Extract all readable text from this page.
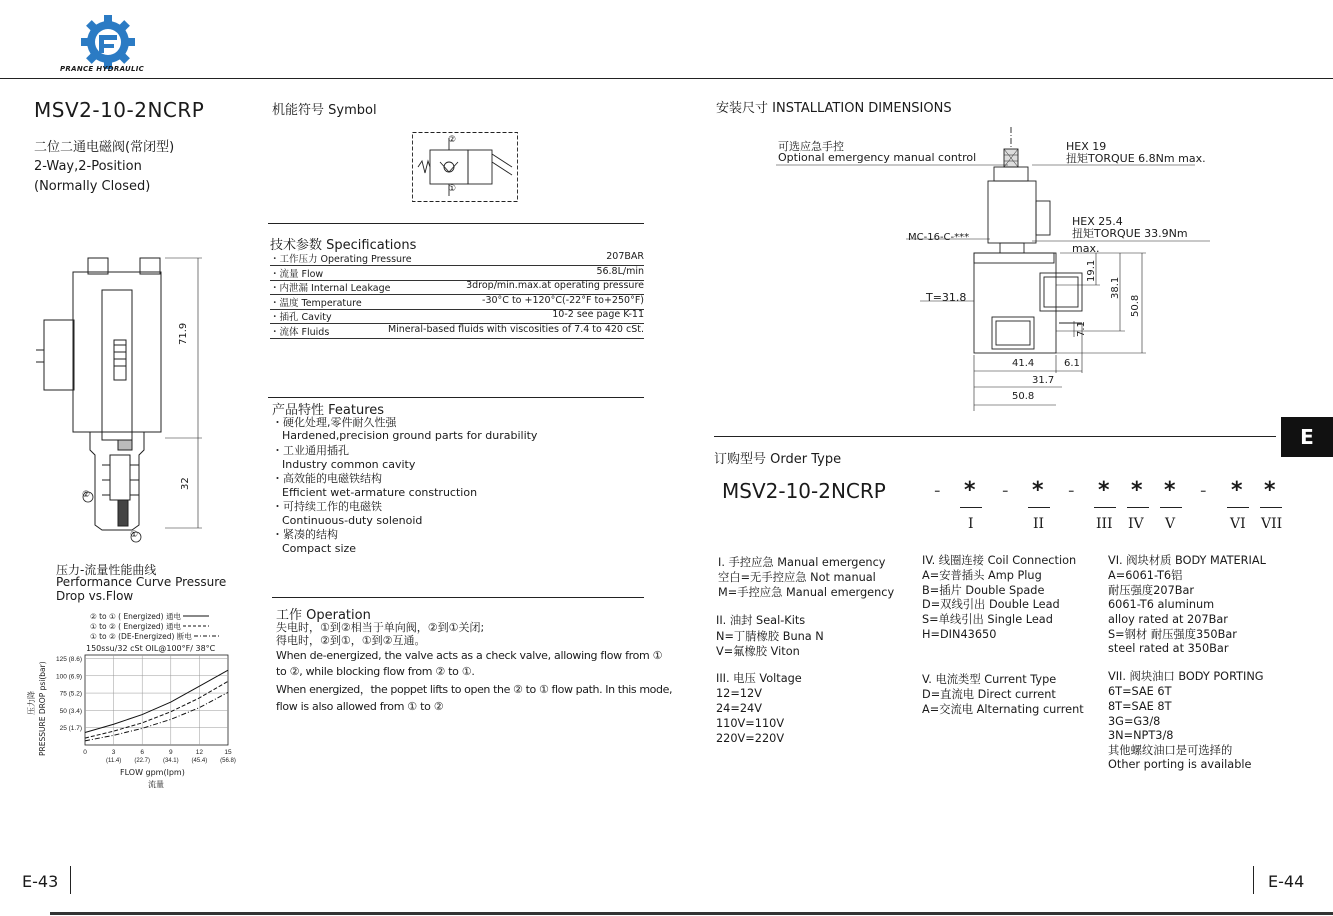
PRANCE HYDRAULIC
MSV2-10-2NCRP
二位二通电磁阀(常闭型)
2-Way,2-Position
(Normally Closed)
71.9
32
②
①
压力-流量性能曲线
Performance Curve Pressure
Drop vs.Flow
② to ① ( Energized) 通电
① to ② ( Energized) 通电
① to ② (DE-Energized) 断电
150ssu/32 cSt OIL@100°F/ 38°C
压力降 PRESSURE DROP psi(bar) 25 (1.7)
50 (3.4)
75 (5.2)
100 (6.9)
125 (8.6)
0	3
(11.4)
6
(22.7)
9
(34.1)
12
(45.4)
15
(56.8)
FLOW gpm(lpm)
流量
机能符号 Symbol
②
①
技术参数 Specifications
・工作压力 Operating Pressure	207BAR
・流量 Flow	56.8L/min
・内泄漏 Internal Leakage	3drop/min.max.at operating pressure
・温度 Temperature	-30°C to +120°C(-22°F to+250°F)
・插孔 Cavity	10-2 see page K-11
・流体 Fluids	Mineral-based fluids with viscosities of 7.4 to 420 cSt.
产品特性 Features
・硬化处理,零件耐久性强
Hardened,precision ground parts for durability
・工业通用插孔
Industry common cavity
・高效能的电磁铁结构
Efficient wet-armature construction
・可持续工作的电磁铁
Continuous-duty solenoid
・紧凑的结构
Compact size
工作 Operation
失电时，①到②相当于单向阀，②到①关闭;
得电时，②到①，①到②互通。
When de-energized, the valve acts as a check valve, allowing flow from ①
to ②, while blocking flow from ② to ①.
When energized，the poppet lifts to open the ② to ① flow path. In this mode,
flow is also allowed from ① to ②
安装尺寸 INSTALLATION DIMENSIONS
可选应急手控
Optional emergency manual control
HEX 19
扭矩TORQUE 6.8Nm max.
HEX 25.4
扭矩TORQUE 33.9Nm max.
MC-16-C-***
T=31.8
19.1
38.1
50.8
7.1
41.4	6.1
31.7
50.8
E
订购型号 Order Type
MSV2-10-2NCRP	- * - * - * * * - * *
I	II	III IV V	VI VII
I. 手控应急 Manual emergency
空白=无手控应急 Not manual
M=手控应急 Manual emergency
II. 油封 Seal-Kits
N=丁腈橡胶 Buna N
V=氟橡胶 Viton
III. 电压 Voltage
12=12V
24=24V
110V=110V
220V=220V
IV. 线圈连接 Coil Connection
A=安普插头 Amp Plug
B=插片 Double Spade
D=双线引出 Double Lead
S=单线引出 Single Lead
H=DIN43650
V. 电流类型 Current Type
D=直流电 Direct current
A=交流电 Alternating current
VI. 阀块材质 BODY MATERIAL
A=6061-T6铝
耐压强度207Bar
6061-T6 aluminum
alloy rated at 207Bar
S=钢材 耐压强度350Bar
steel rated at 350Bar
VII. 阀块油口 BODY PORTING
6T=SAE 6T
8T=SAE 8T
3G=G3/8
3N=NPT3/8
其他螺纹油口是可选择的
Other porting is available
E-43	E-44
